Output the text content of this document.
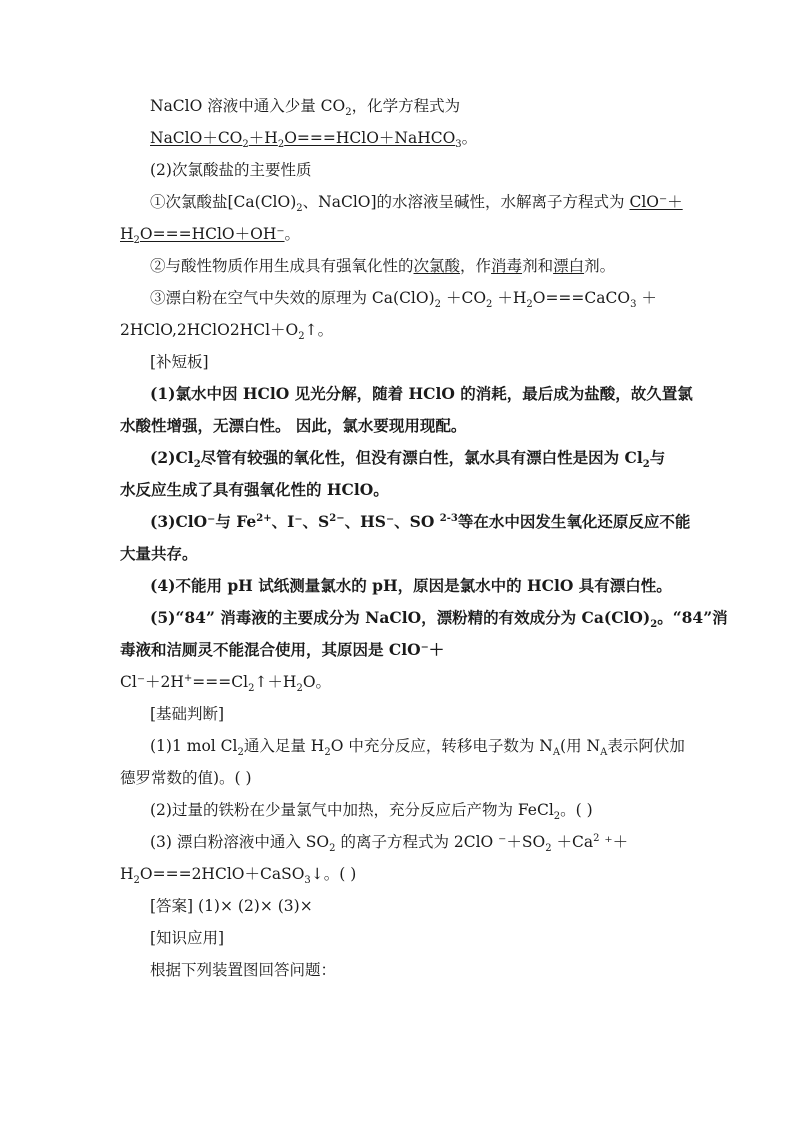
NaClO 溶液中通入少量 $CO_2$，化学方程式为
$NaClO+CO_2+H_2O===HClO+NaHCO_3$。
(2)次氯酸盐的主要性质
①次氯酸盐[$Ca(ClO)_2$、NaClO]的水溶液呈碱性，水解离子方程式为 ClO⁻＋
$H_2O===HClO+OH^-$。
②与酸性物质作用生成具有强氧化性的次氯酸，作消毒剂和漂白剂。
③漂白粉在空气中失效的原理为 $Ca(ClO)_2 +CO_2$ $+H_2O===CaCO_3$ ＋
$2HClO,2HClO2HCl+O_2↑$。
[补短板]
(1)氯水中因 HClO 见光分解，随着 HClO 的消耗，最后成为盐酸，故久置氯
水酸性增强，无漂白性。 因此，氯水要现用现配。
$(2)Cl_2$尽管有较强的氧化性，但没有漂白性，氯水具有漂白性是因为 $Cl_2$与
水反应生成了具有强氧化性的 HClO。
(3)ClO⁻与 $Fe^{2+}$、I⁻、$S^{2-}$、HS⁻、SO $^{2-3}$等在水中因发生氧化还原反应不能
大量共存。
(4)不能用 pH 试纸测量氯水的 pH，原因是氯水中的 HClO 具有漂白性。
(5)“84” 消毒液的主要成分为 NaClO，漂粉精的有效成分为 $Ca(ClO)_2$。“84”消
毒液和洁厕灵不能混合使用，其原因是 ClO⁻＋
$Cl^-+2H^+===Cl_2↑+H_2O$。
[基础判断]
(1)1 mol $Cl_2$通入足量 $H_2O$ 中充分反应，转移电子数为 $N_A$(用 $N_A$表示阿伏加
德罗常数的值)。( )
(2)过量的铁粉在少量氯气中加热，充分反应后产物为 FeCl$_2$。( )
(3) 漂白粉溶液中通入 $SO_2$ 的离子方程式为 2ClO $^-+SO_2 +Ca^2$ ⁺＋
$H_2O===2HClO+CaSO_3↓$。( )
[答案] (1)× (2)× (3)×
[知识应用]
根据下列装置图回答问题：
